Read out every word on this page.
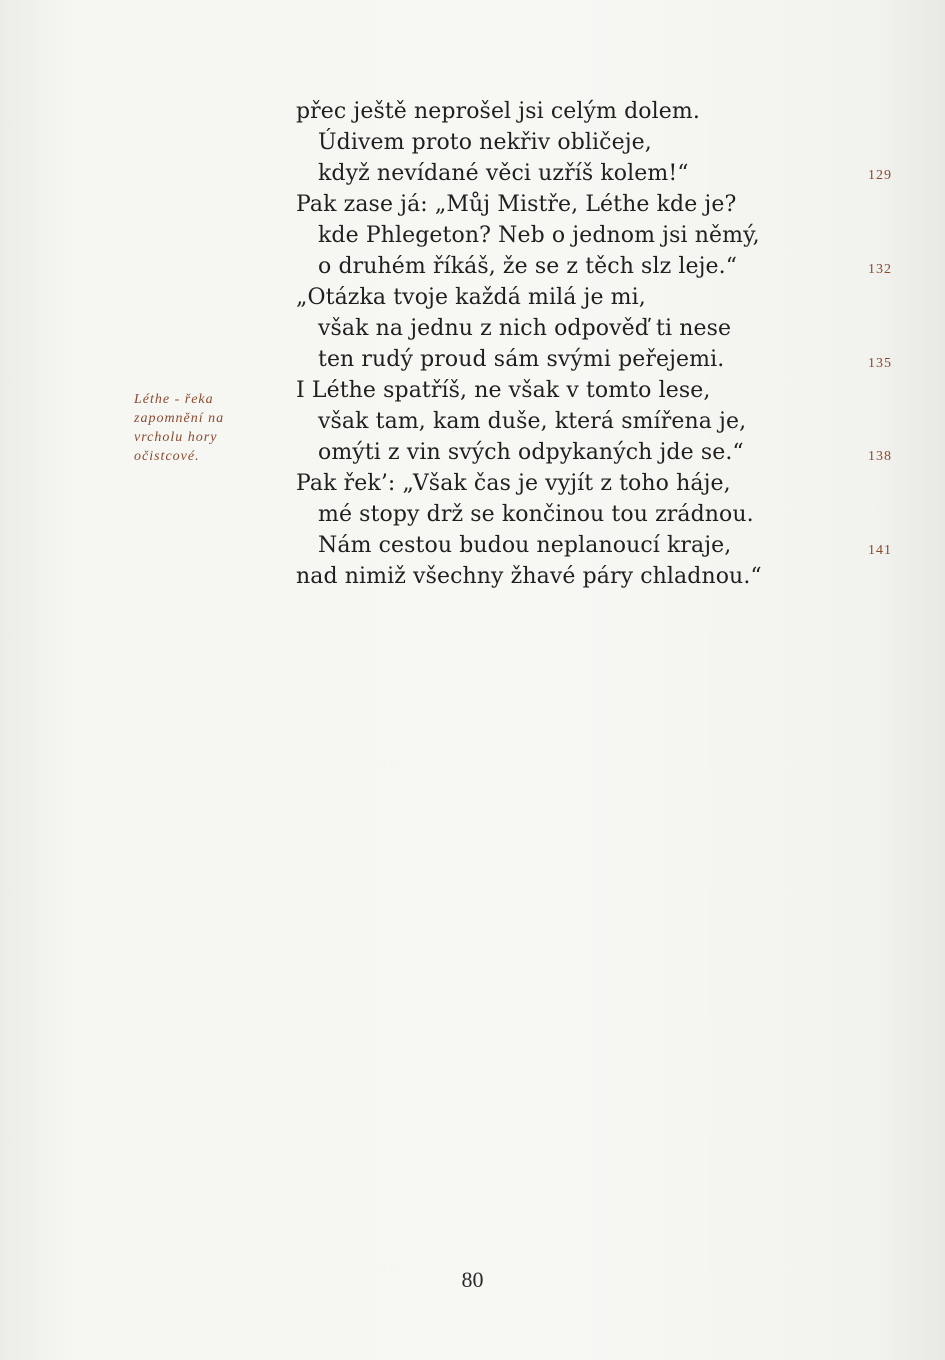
přec ještě neprošel jsi celým dolem.
Údivem proto nekřiv obličeje,
když nevídané věci uzříš kolem!“
Pak zase já: „Můj Mistře, Léthe kde je?
kde Phlegeton? Neb o jednom jsi němý,
o druhém říkáš, že se z těch slz leje.“
„Otázka tvoje každá milá je mi,
však na jednu z nich odpověď ti nese
ten rudý proud sám svými peřejemi.
I Léthe spatříš, ne však v tomto lese,
však tam, kam duše, která smířena je,
omýti z vin svých odpykaných jde se.“
Pak řek’: „Však čas je vyjít z toho háje,
mé stopy drž se končinou tou zrádnou.
Nám cestou budou neplanoucí kraje,
nad nimiž všechny žhavé páry chladnou.“
129
132
135
138
141
Léthe - řeka
zapomnění na
vrcholu hory
očistcové.
80
